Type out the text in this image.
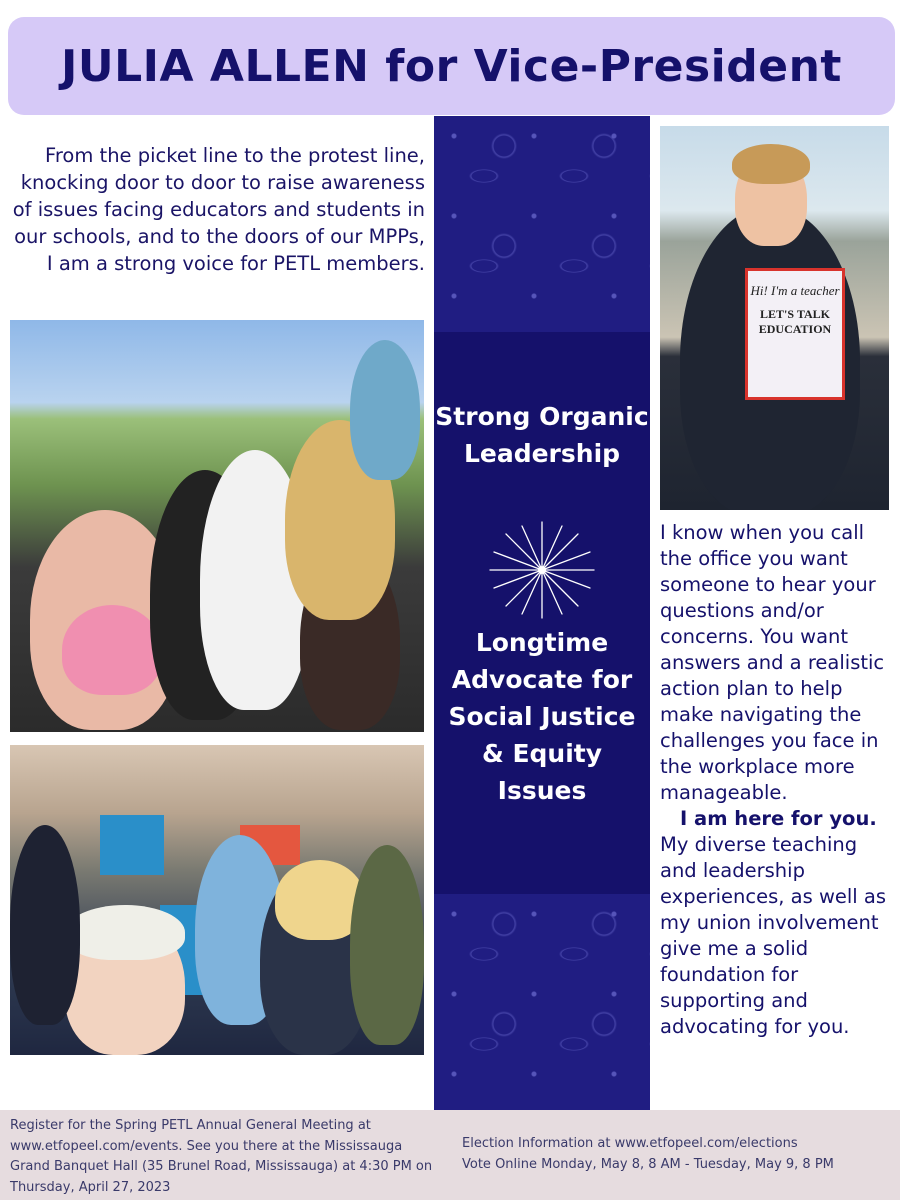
JULIA ALLEN for Vice-President
From the picket line to the protest line, knocking door to door to raise awareness of issues facing educators and students in our schools, and to the doors of our MPPs, I am a strong voice for PETL members.
Hi! I'm a teacher
LET'S TALK EDUCATION
Strong Organic Leadership
Longtime Advocate for Social Justice & Equity Issues
I know when you call the office you want someone to hear your questions and/or concerns. You want answers and a realistic action plan to help make navigating the challenges you face in the workplace more manageable.
I am here for you.
My diverse teaching and leadership experiences, as well as my union involvement give me a solid foundation for supporting and advocating for you.
Register for the Spring PETL Annual General Meeting at www.etfopeel.com/events. See you there at the Mississauga Grand Banquet Hall (35 Brunel Road, Mississauga) at 4:30 PM on Thursday, April 27, 2023
Election Information at www.etfopeel.com/elections
Vote Online Monday, May 8, 8 AM - Tuesday, May 9, 8 PM
